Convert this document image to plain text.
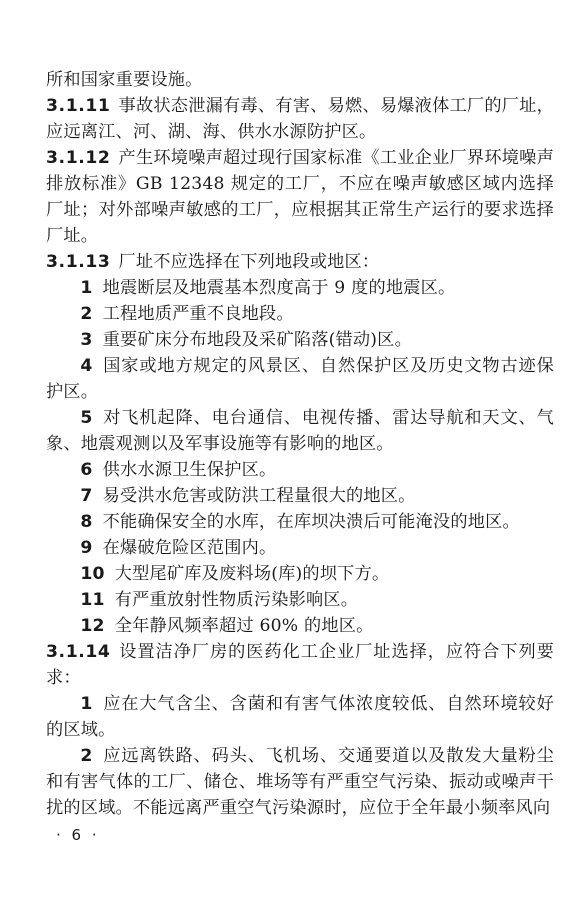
所和国家重要设施。

3.1.11 事故状态泄漏有毒、有害、易燃、易爆液体工厂的厂址，应远离江、河、湖、海、供水水源防护区。

3.1.12 产生环境噪声超过现行国家标准《工业企业厂界环境噪声排放标准》GB 12348 规定的工厂，不应在噪声敏感区域内选择厂址；对外部噪声敏感的工厂，应根据其正常生产运行的要求选择厂址。

3.1.13 厂址不应选择在下列地段或地区：

1 地震断层及地震基本烈度高于 9 度的地震区。

2 工程地质严重不良地段。

3 重要矿床分布地段及采矿陷落(错动)区。

4 国家或地方规定的风景区、自然保护区及历史文物古迹保护区。

5 对飞机起降、电台通信、电视传播、雷达导航和天文、气象、地震观测以及军事设施等有影响的地区。

6 供水水源卫生保护区。

7 易受洪水危害或防洪工程量很大的地区。

8 不能确保安全的水库，在库坝决溃后可能淹没的地区。

9 在爆破危险区范围内。

10 大型尾矿库及废料场(库)的坝下方。

11 有严重放射性物质污染影响区。

12 全年静风频率超过 60% 的地区。

3.1.14 设置洁净厂房的医药化工企业厂址选择，应符合下列要求：

1 应在大气含尘、含菌和有害气体浓度较低、自然环境较好的区域。

2 应远离铁路、码头、飞机场、交通要道以及散发大量粉尘和有害气体的工厂、储仓、堆场等有严重空气污染、振动或噪声干扰的区域。不能远离严重空气污染源时，应位于全年最小频率风向

· 6 ·
